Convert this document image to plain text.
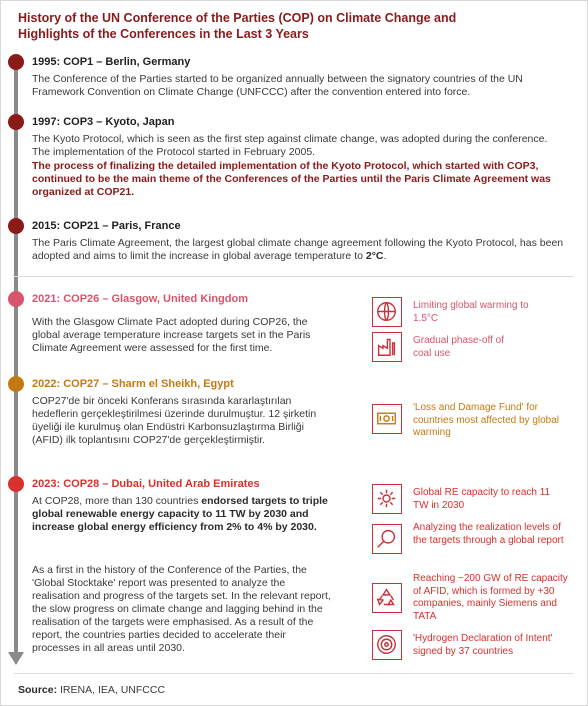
History of the UN Conference of the Parties (COP) on Climate Change and Highlights of the Conferences in the Last 3 Years
1995: COP1 – Berlin, Germany
The Conference of the Parties started to be organized annually between the signatory countries of the UN Framework Convention on Climate Change (UNFCCC) after the convention entered into force.
1997: COP3 – Kyoto, Japan
The Kyoto Protocol, which is seen as the first step against climate change, was adopted during the conference. The implementation of the Protocol started in February 2005.
The process of finalizing the detailed implementation of the Kyoto Protocol, which started with COP3, continued to be the main theme of the Conferences of the Parties until the Paris Climate Agreement was organized at COP21.
2015: COP21 – Paris, France
The Paris Climate Agreement, the largest global climate change agreement following the Kyoto Protocol, has been adopted and aims to limit the increase in global average temperature to 2°C.
2021: COP26 – Glasgow, United Kingdom
With the Glasgow Climate Pact adopted during COP26, the global average temperature increase targets set in the Paris Climate Agreement were assessed for the first time.
2022: COP27 – Sharm el Sheikh, Egypt
COP27'de bir önceki Konferans sırasında kararlaştırılan hedeflerin gerçekleştirilmesi üzerinde durulmuştur. 12 şirketin üyeliği ile kurulmuş olan Endüstri Karbonsuzlaştırma Birliği (AFID) ilk toplantısını COP27'de gerçekleştirmiştir.
2023: COP28 – Dubai, United Arab Emirates
At COP28, more than 130 countries endorsed targets to triple global renewable energy capacity to 11 TW by 2030 and increase global energy efficiency from 2% to 4% by 2030.
As a first in the history of the Conference of the Parties, the 'Global Stocktake' report was presented to analyze the realisation and progress of the targets set. In the relevant report, the slow progress on climate change and lagging behind in the realisation of the targets were emphasised. As a result of the report, the countries parties decided to accelerate their processes in all areas until 2030.
Limiting global warming to 1.5°C
Gradual phase-off of coal use
'Loss and Damage Fund' for countries most affected by global warming
Global RE capacity to reach 11 TW in 2030
Analyzing the realization levels of the targets through a global report
Reaching ~200 GW of RE capacity of AFID, which is formed by +30 companies, mainly Siemens and TATA
'Hydrogen Declaration of Intent' signed by 37 countries
Source: IRENA, IEA, UNFCCC
